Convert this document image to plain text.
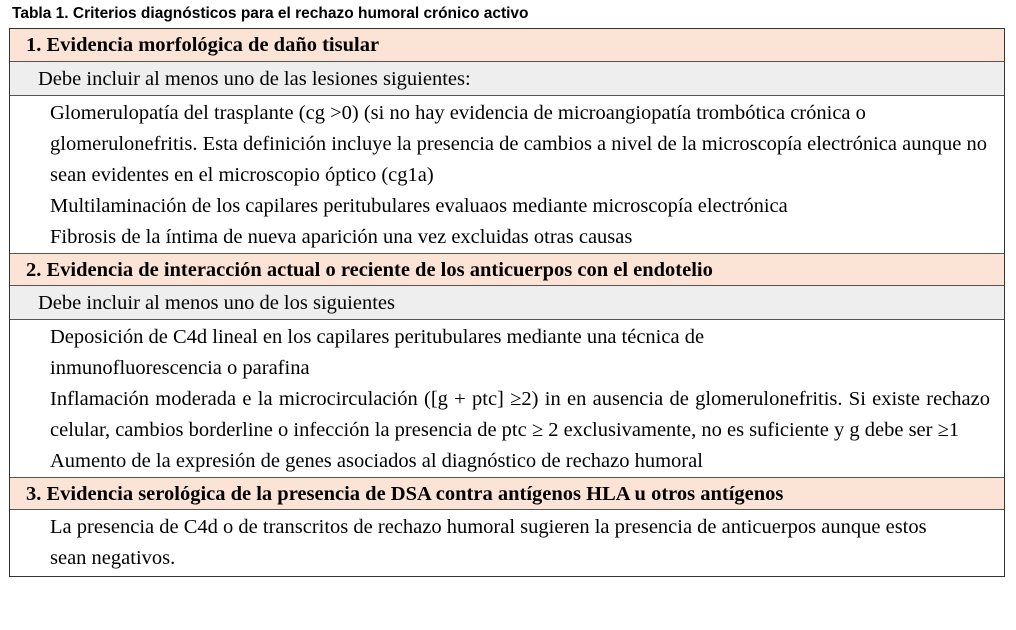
Tabla 1. Criterios diagnósticos para el rechazo humoral crónico activo
1. Evidencia morfológica de daño tisular
Debe incluir al menos uno de las lesiones siguientes:

Glomerulopatía del trasplante (cg >0) (si no hay evidencia de microangiopatía trombótica crónica o glomerulonefritis. Esta definición incluye la presencia de cambios a nivel de la microscopía electrónica aunque no sean evidentes en el microscopio óptico (cg1a)

Multilaminación de los capilares peritubulares evaluaos mediante microscopía electrónica

Fibrosis de la íntima de nueva aparición una vez excluidas otras causas

2. Evidencia de interacción actual o reciente de los anticuerpos con el endotelio
Debe incluir al menos uno de los siguientes

Deposición de C4d lineal en los capilares peritubulares mediante una técnica de inmunofluorescencia o parafina

Inflamación moderada e la microcirculación ([g + ptc] ≥2) in en ausencia de glomerulonefritis. Si existe rechazo celular, cambios borderline o infección la presencia de ptc ≥ 2 exclusivamente, no es suficiente y g debe ser ≥1

Aumento de la expresión de genes asociados al diagnóstico de rechazo humoral

3. Evidencia serológica de la presencia de DSA contra antígenos HLA u otros antígenos

La presencia de C4d o de transcritos de rechazo humoral sugieren la presencia de anticuerpos aunque estos sean negativos.
